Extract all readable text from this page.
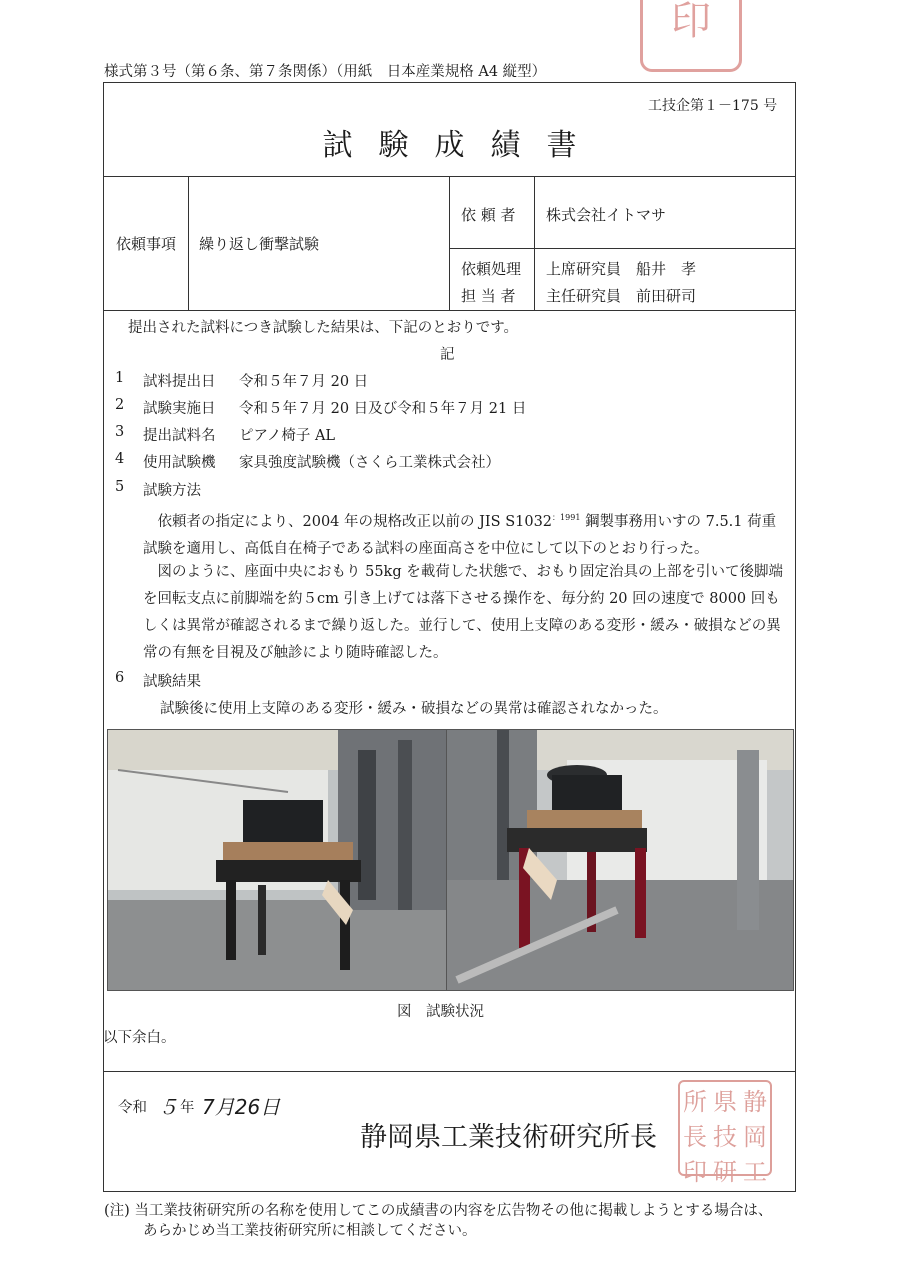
印
様式第３号（第６条、第７条関係）（用紙　日本産業規格 A4 縦型）
工技企第１－175 号
試験成績書
依頼事項 繰り返し衝撃試験
依 頼 者 株式会社イトマサ
依頼処理 上席研究員　船井　孝
担 当 者 主任研究員　前田研司
提出された試料につき試験した結果は、下記のとおりです。
記
1 試料提出日 令和５年７月 20 日
2 試験実施日 令和５年７月 20 日及び令和５年７月 21 日
3 提出試料名 ピアノ椅子 AL
4 使用試験機 家具強度試験機（さくら工業株式会社）
5 試験方法

　依頼者の指定により、2004 年の規格改正以前の JIS $S1032^{:1991}$ 鋼製事務用いすの 7.5.1 荷重試験を適用し、高低自在椅子である試料の座面高さを中位にして以下のとおり行った。

　図のように、座面中央におもり 55kg を載荷した状態で、おもり固定治具の上部を引いて後脚端を回転支点に前脚端を約５cm 引き上げては落下させる操作を、毎分約 20 回の速度で 8000 回もしくは異常が確認されるまで繰り返した。並行して、使用上支障のある変形・緩み・破損などの異常の有無を目視及び触診により随時確認した。

6 試験結果
試験後に使用上支障のある変形・緩み・破損などの異常は確認されなかった。
図　試験状況
以下余白。
令和 ５ 年 7月26日
静岡県工業技術研究所長
所 県 静
長 技 岡
印 研 工
(注) 当工業技術研究所の名称を使用してこの成績書の内容を広告物その他に掲載しようとする場合は、
あらかじめ当工業技術研究所に相談してください。
